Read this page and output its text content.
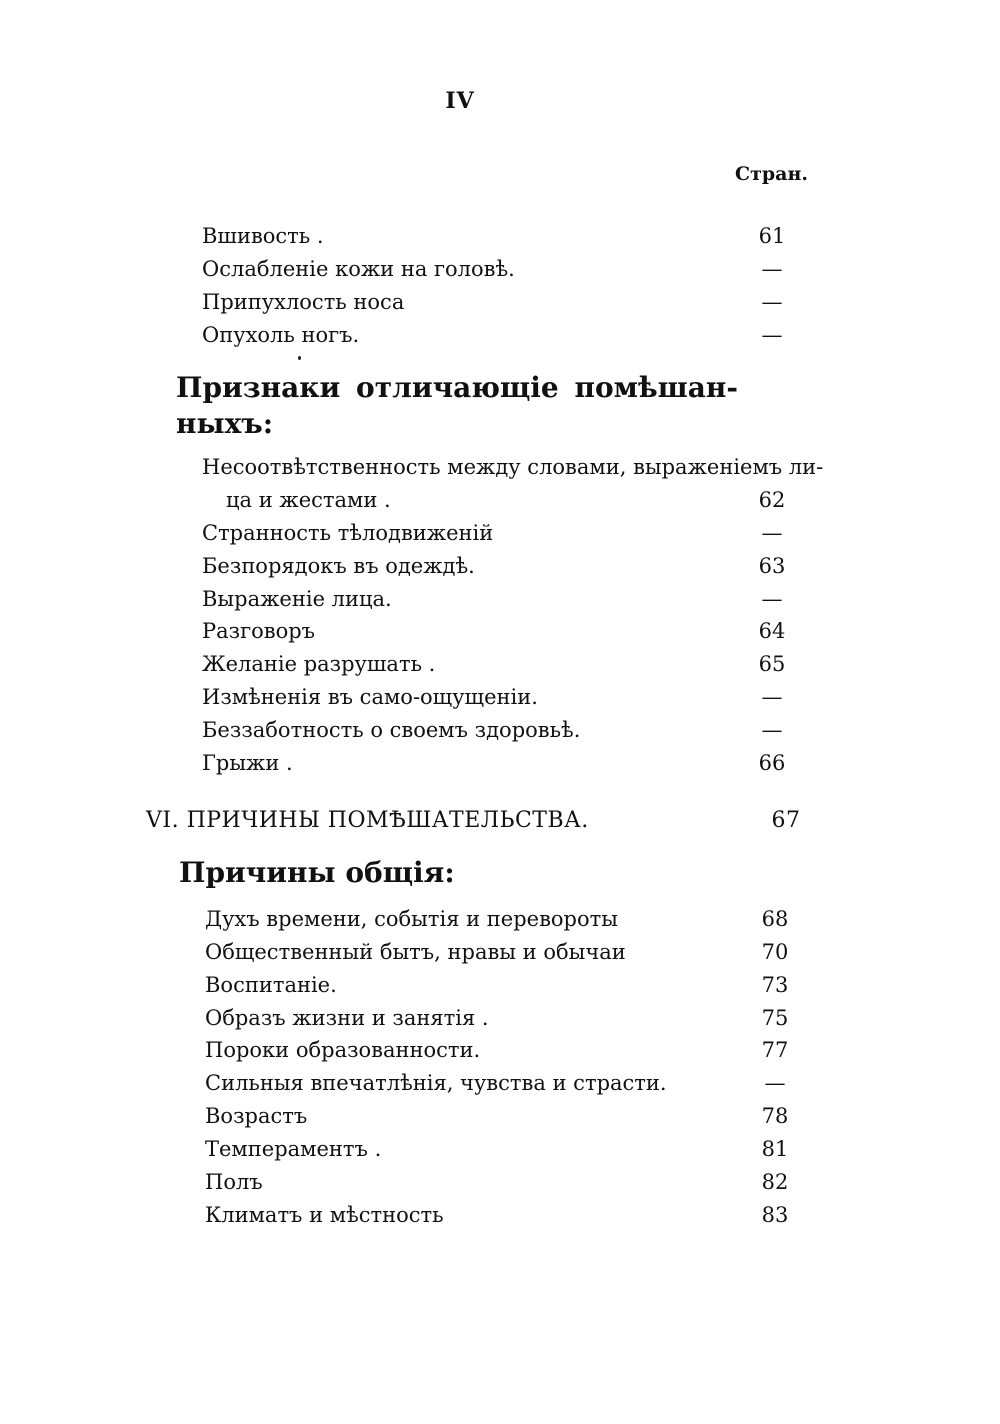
IV
Стран.
Вшивость .	61
Ослабленіе кожи на головѣ.	—
Припухлость носа	—
Опухоль ногъ.	—
Признаки отличающіе помѣшан-
ныхъ:
Несоотвѣтственность между словами, выраженіемъ ли-
ца и жестами .	62
Странность тѣлодвиженій	—
Безпорядокъ въ одеждѣ.	63
Выраженіе лица.	—
Разговоръ	64
Желаніе разрушать .	65
Измѣненія въ само-ощущеніи.	—
Беззаботность о своемъ здоровьѣ.	—
Грыжи .	66
VI. ПРИЧИНЫ ПОМѢШАТЕЛЬСТВА.	67
Причины общія:
Духъ времени, событія и перевороты	68
Общественный бытъ, нравы и обычаи	70
Воспитаніе.	73
Образъ жизни и занятія .	75
Пороки образованности.	77
Сильныя впечатлѣнія, чувства и страсти.	—
Возрастъ	78
Темпераментъ .	81
Полъ	82
Климатъ и мѣстность	83
